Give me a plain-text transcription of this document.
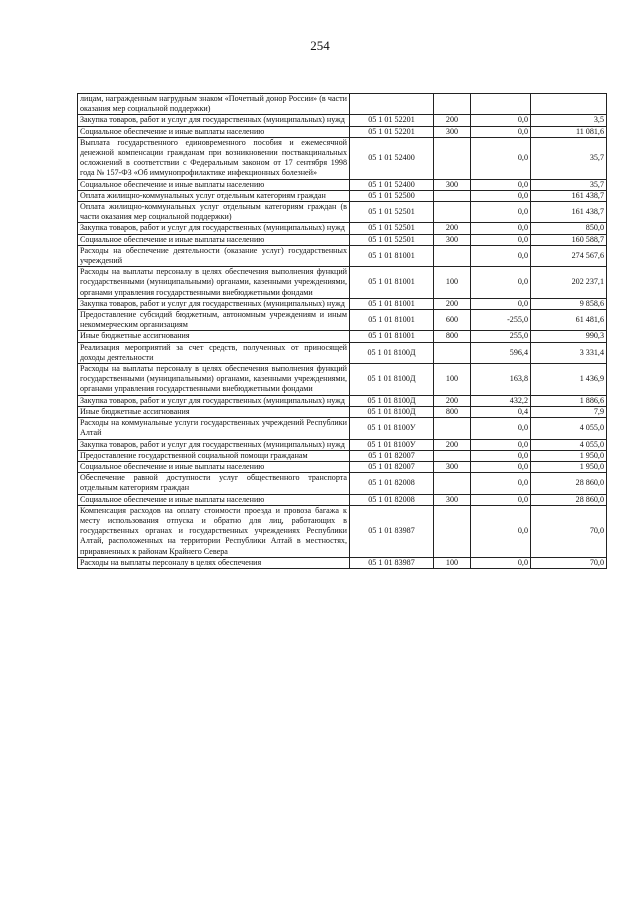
254
лицам, награжденным нагрудным знаком «Почетный донор России» (в части оказания мер социальной поддержки)				
Закупка товаров, работ и услуг для государственных (муниципальных) нужд	05 1 01 52201	200	0,0	3,5
Социальное обеспечение и иные выплаты населению	05 1 01 52201	300	0,0	11 081,6
Выплата государственного единовременного пособия и ежемесячной денежной компенсации гражданам при возникновении поствакцинальных осложнений в соответствии с Федеральным законом от 17 сентября 1998 года № 157-ФЗ «Об иммунопрофилактике инфекционных болезней»	05 1 01 52400		0,0	35,7
Социальное обеспечение и иные выплаты населению	05 1 01 52400	300	0,0	35,7
Оплата жилищно-коммунальных услуг отдельным категориям граждан	05 1 01 52500		0,0	161 438,7
Оплата жилищно-коммунальных услуг отдельным категориям граждан (в части оказания мер социальной поддержки)	05 1 01 52501		0,0	161 438,7
Закупка товаров, работ и услуг для государственных (муниципальных) нужд	05 1 01 52501	200	0,0	850,0
Социальное обеспечение и иные выплаты населению	05 1 01 52501	300	0,0	160 588,7
Расходы на обеспечение деятельности (оказание услуг) государственных учреждений	05 1 01 81001		0,0	274 567,6
Расходы на выплаты персоналу в целях обеспечения выполнения функций государственными (муниципальными) органами, казенными учреждениями, органами управления государственными внебюджетными фондами	05 1 01 81001	100	0,0	202 237,1
Закупка товаров, работ и услуг для государственных (муниципальных) нужд	05 1 01 81001	200	0,0	9 858,6
Предоставление субсидий бюджетным, автономным учреждениям и иным некоммерческим организациям	05 1 01 81001	600	-255,0	61 481,6
Иные бюджетные ассигнования	05 1 01 81001	800	255,0	990,3
Реализация мероприятий за счет средств, полученных от приносящей доходы деятельности	05 1 01 8100Д		596,4	3 331,4
Расходы на выплаты персоналу в целях обеспечения выполнения функций государственными (муниципальными) органами, казенными учреждениями, органами управления государственными внебюджетными фондами	05 1 01 8100Д	100	163,8	1 436,9
Закупка товаров, работ и услуг для государственных (муниципальных) нужд	05 1 01 8100Д	200	432,2	1 886,6
Иные бюджетные ассигнования	05 1 01 8100Д	800	0,4	7,9
Расходы на коммунальные услуги государственных учреждений Республики Алтай	05 1 01 8100У		0,0	4 055,0
Закупка товаров, работ и услуг для государственных (муниципальных) нужд	05 1 01 8100У	200	0,0	4 055,0
Предоставление государственной социальной помощи гражданам	05 1 01 82007		0,0	1 950,0
Социальное обеспечение и иные выплаты населению	05 1 01 82007	300	0,0	1 950,0
Обеспечение равной доступности услуг общественного транспорта отдельным категориям граждан	05 1 01 82008		0,0	28 860,0
Социальное обеспечение и иные выплаты населению	05 1 01 82008	300	0,0	28 860,0
Компенсация расходов на оплату стоимости проезда и провоза багажа к месту использования отпуска и обратно для лиц, работающих в государственных органах и государственных учреждениях Республики Алтай, расположенных на территории Республики Алтай в местностях, приравненных к районам Крайнего Севера	05 1 01 83987		0,0	70,0
Расходы на выплаты персоналу в целях обеспечения	05 1 01 83987	100	0,0	70,0
